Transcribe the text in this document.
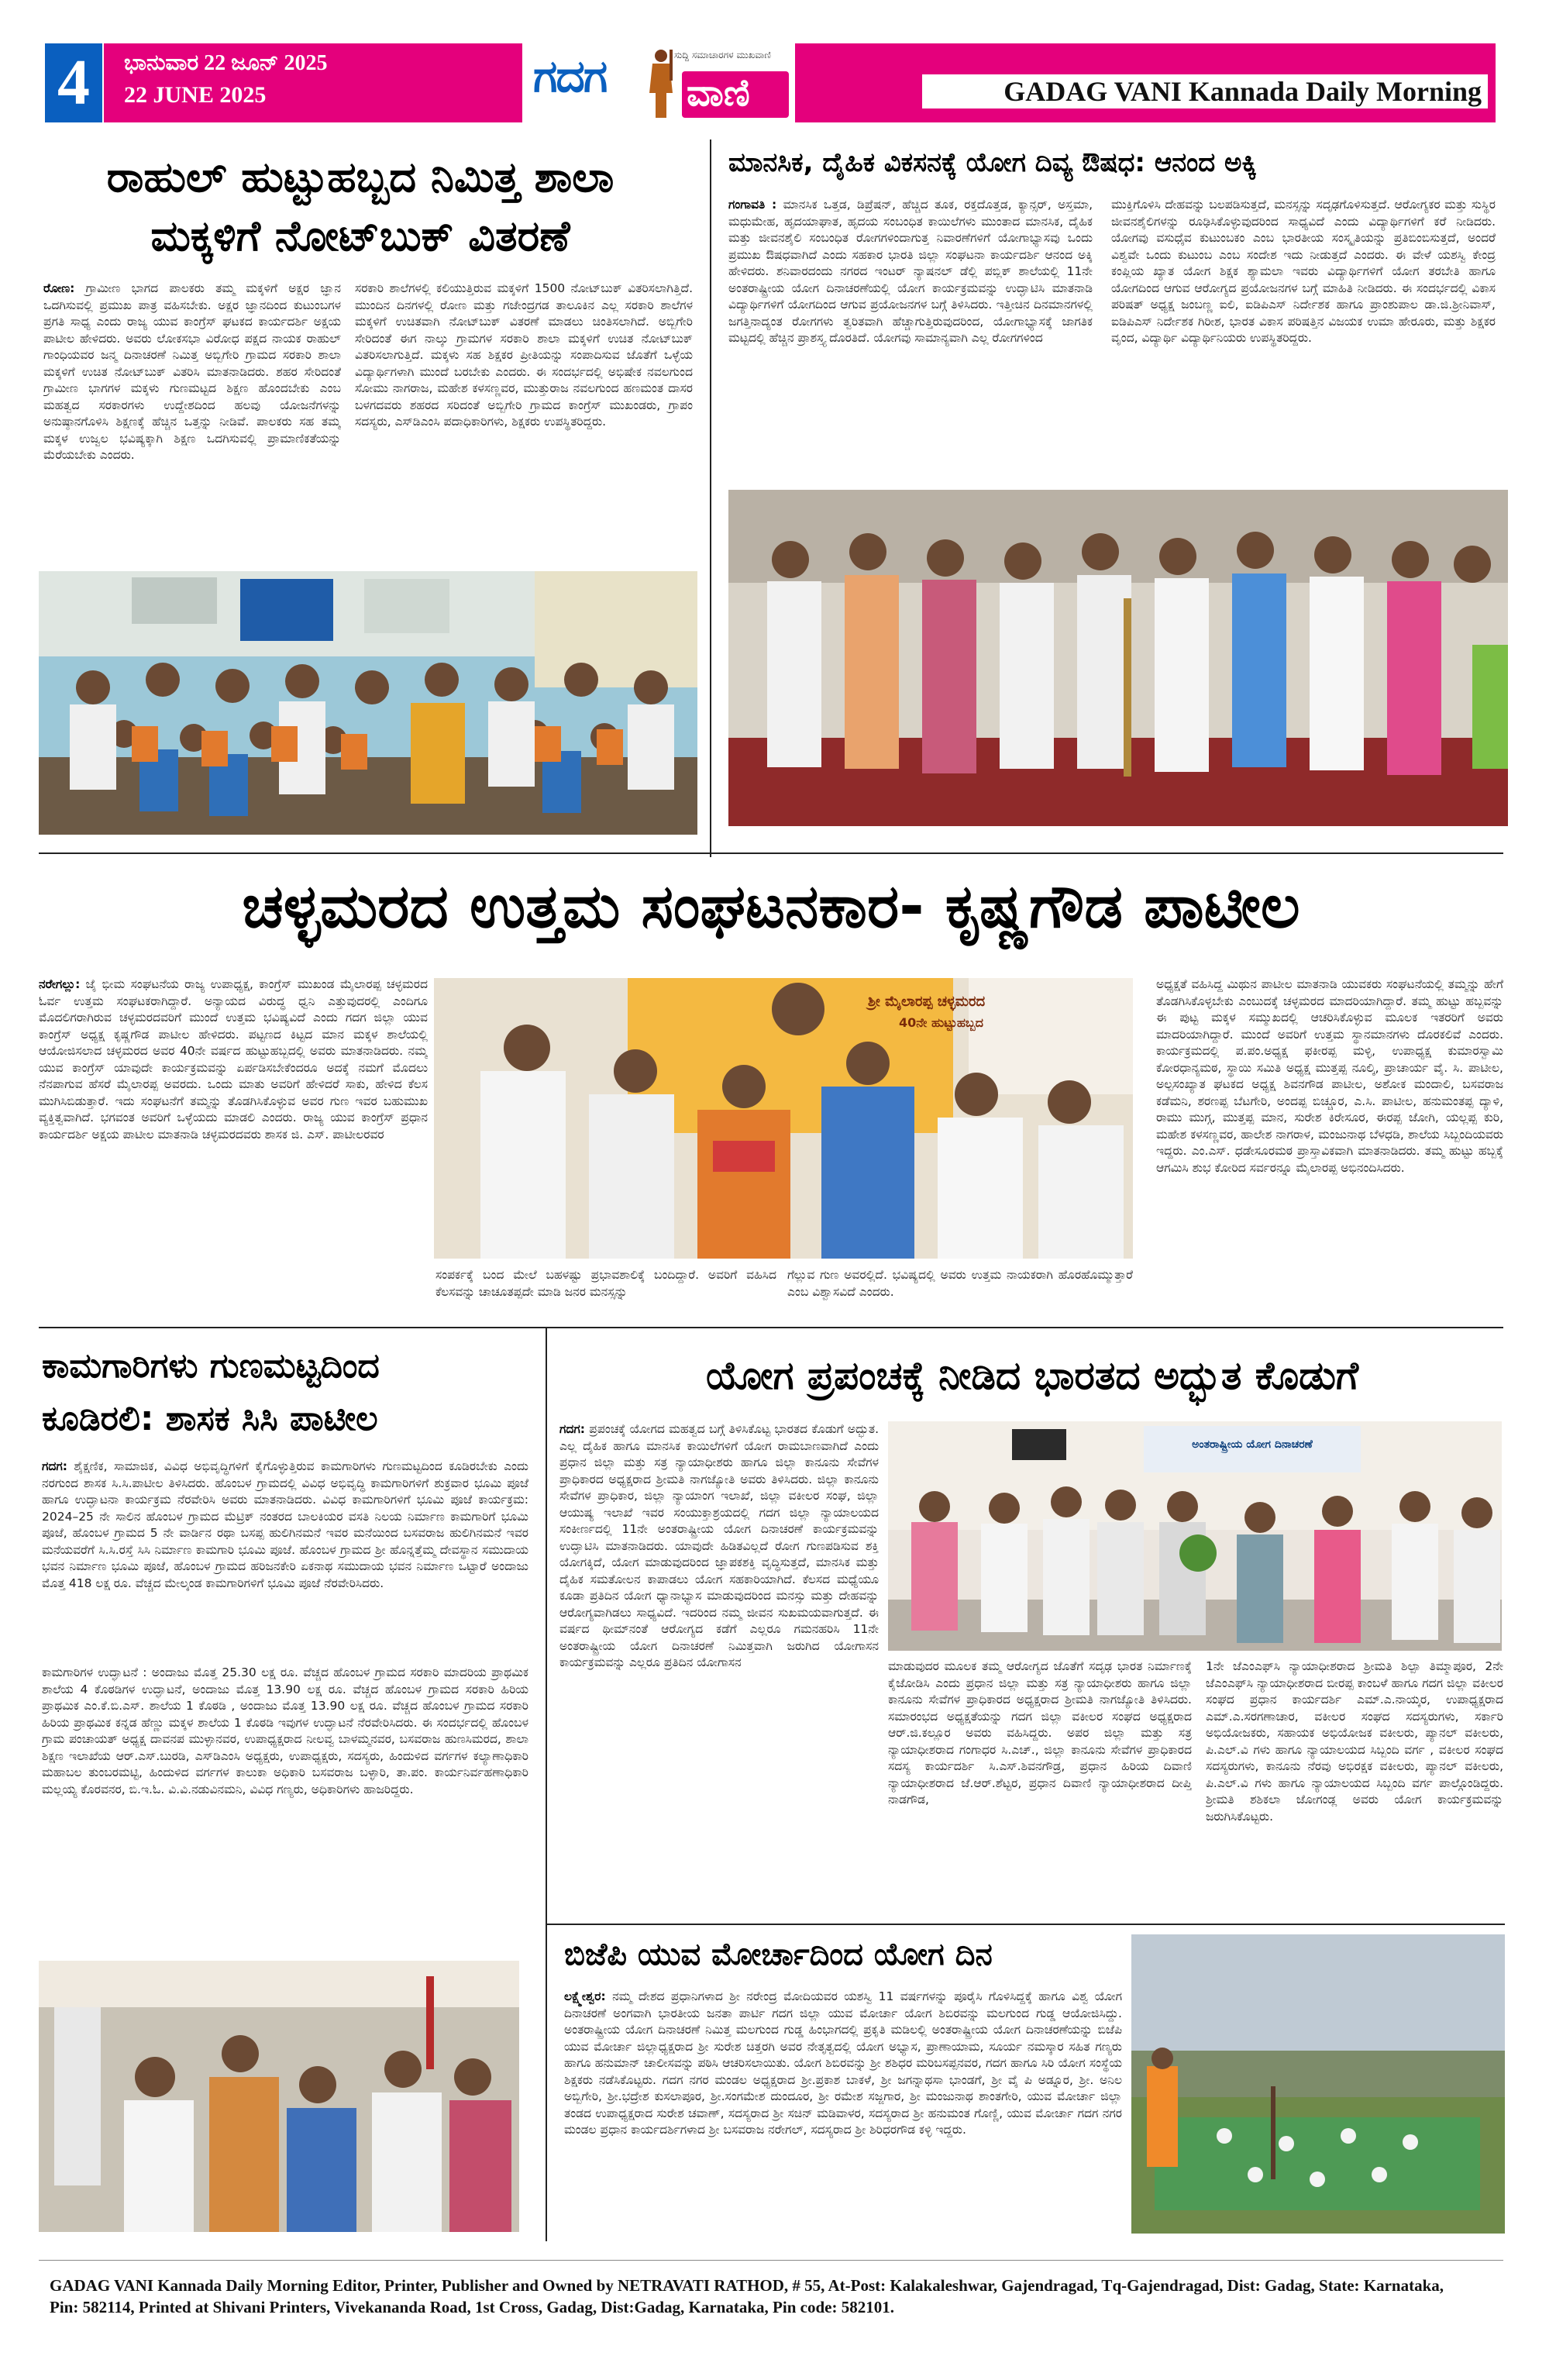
4	ಭಾನುವಾರ 22 ಜೂನ್ 2025
22 JUNE 2025	ಗದಗ	ಸುದ್ದಿ ಸಮಾಚಾರಗಳ ಮುಖವಾಣಿ
ವಾಣಿ	GADAG VANI Kannada Daily Morning
ರಾಹುಲ್ ಹುಟ್ಟುಹಬ್ಬದ ನಿಮಿತ್ತ ಶಾಲಾ
ಮಕ್ಕಳಿಗೆ ನೋಟ್‌ಬುಕ್ ವಿತರಣೆ
ರೋಣ: ಗ್ರಾಮೀಣ ಭಾಗದ ಪಾಲಕರು ತಮ್ಮ ಮಕ್ಕಳಿಗೆ ಅಕ್ಷರ ಜ್ಞಾನ ಒದಗಿಸುವಲ್ಲಿ ಪ್ರಮುಖ ಪಾತ್ರ ವಹಿಸಬೇಕು. ಅಕ್ಷರ ಜ್ಞಾನದಿಂದ ಕುಟುಂಬಗಳ ಪ್ರಗತಿ ಸಾಧ್ಯ ಎಂದು ರಾಜ್ಯ ಯುವ ಕಾಂಗ್ರೆಸ್ ಘಟಕದ ಕಾರ್ಯದರ್ಶಿ ಅಕ್ಷಯ ಪಾಟೀಲ ಹೇಳಿದರು. ಅವರು ಲೋಕಸಭಾ ವಿರೋಧ ಪಕ್ಷದ ನಾಯಕ ರಾಹುಲ್ ಗಾಂಧಿಯವರ ಜನ್ಮ ದಿನಾಚರಣೆ ನಿಮಿತ್ತ ಅಬ್ಬಿಗೇರಿ ಗ್ರಾಮದ ಸರಕಾರಿ ಶಾಲಾ ಮಕ್ಕಳಿಗೆ ಉಚಿತ ನೋಟ್‌ಬುಕ್ ವಿತರಿಸಿ ಮಾತನಾಡಿದರು. ಶಹರ ಸೇರಿದಂತೆ ಗ್ರಾಮೀಣ ಭಾಗಗಳ ಮಕ್ಕಳು ಗುಣಮಟ್ಟದ ಶಿಕ್ಷಣ ಹೊಂದಬೇಕು ಎಂಬ ಮಹತ್ವದ ಸರಕಾರಗಳು ಉದ್ದೇಶದಿಂದ ಹಲವು ಯೋಜನೆಗಳನ್ನು ಅನುಷ್ಠಾನಗೊಳಿಸಿ ಶಿಕ್ಷಣಕ್ಕೆ ಹೆಚ್ಚಿನ ಒತ್ತನ್ನು ನೀಡಿವೆ. ಪಾಲಕರು ಸಹ ತಮ್ಮ ಮಕ್ಕಳ ಉಜ್ವಲ ಭವಿಷ್ಯಕ್ಕಾಗಿ ಶಿಕ್ಷಣ ಒದಗಿಸುವಲ್ಲಿ ಪ್ರಾಮಾಣಿಕತೆಯನ್ನು ಮೆರೆಯಬೇಕು ಎಂದರು.
ಸರಕಾರಿ ಶಾಲೆಗಳಲ್ಲಿ ಕಲಿಯುತ್ತಿರುವ ಮಕ್ಕಳಿಗೆ 1500 ನೋಟ್‌ಬುಕ್ ವಿತರಿಸಲಾಗಿತ್ತಿದೆ. ಮುಂದಿನ ದಿನಗಳಲ್ಲಿ ರೋಣ ಮತ್ತು ಗಜೇಂದ್ರಗಡ ತಾಲೂಕಿನ ಎಲ್ಲ ಸರಕಾರಿ ಶಾಲೆಗಳ ಮಕ್ಕಳಿಗೆ ಉಚಿತವಾಗಿ ನೋಟ್‌ಬುಕ್ ವಿತರಣೆ ಮಾಡಲು ಚಿಂತಿಸಲಾಗಿದೆ. ಅಬ್ಬಿಗೇರಿ ಸೇರಿದಂತೆ ಈಗ ನಾಲ್ಕು ಗ್ರಾಮಗಳ ಸರಕಾರಿ ಶಾಲಾ ಮಕ್ಕಳಿಗೆ ಉಚಿತ ನೋಟ್‌ಬುಕ್ ವಿತರಿಸಲಾಗುತ್ತಿದೆ. ಮಕ್ಕಳು ಸಹ ಶಿಕ್ಷಕರ ಪ್ರೀತಿಯನ್ನು ಸಂಪಾದಿಸುವ ಜೊತೆಗೆ ಒಳ್ಳೆಯ ವಿದ್ಯಾರ್ಥಿಗಳಾಗಿ ಮುಂದೆ ಬರಬೇಕು ಎಂದರು. ಈ ಸಂದರ್ಭದಲ್ಲಿ ಅಭಿಷೇಕ ನವಲಗುಂದ ಸೋಮು ನಾಗರಾಜ, ಮಹೇಶ ಕಳಸಣ್ಣವರ, ಮುತ್ತುರಾಜ ನವಲಗುಂದ ಹಣಮಂತ ದಾಸರ ಬಳಗದವರು ಶಹರದ ಸರಿದಂತೆ ಅಬ್ಬಿಗೇರಿ ಗ್ರಾಮದ ಕಾಂಗ್ರೆಸ್ ಮುಖಂಡರು, ಗ್ರಾಪಂ ಸದಸ್ಯರು, ಎಸ್‌ಡಿಎಂಸಿ ಪದಾಧಿಕಾರಿಗಳು, ಶಿಕ್ಷಕರು ಉಪಸ್ಥಿತರಿದ್ದರು.
ಮಾನಸಿಕ, ದೈಹಿಕ ವಿಕಸನಕ್ಕೆ ಯೋಗ ದಿವ್ಯ ಔಷಧ: ಆನಂದ ಅಕ್ಕಿ
ಗಂಗಾವತಿ : ಮಾನಸಿಕ ಒತ್ತಡ, ಡಿಪ್ರೆಷನ್, ಹೆಚ್ಚಿದ ತೂಕ, ರಕ್ತದೊತ್ತಡ, ಕ್ಯಾನ್ಸರ್, ಅಸ್ತಮಾ, ಮಧುಮೇಹ, ಹೃದಯಾಘಾತ, ಹೃದಯ ಸಂಬಂಧಿತ ಕಾಯಿಲೆಗಳು ಮುಂತಾದ ಮಾನಸಿಕ, ದೈಹಿಕ ಮತ್ತು ಜೀವನಶೈಲಿ ಸಂಬಂಧಿತ ರೋಗಗಳಿಂದಾಗುತ್ತ ನಿವಾರಣೆಗಳಿಗೆ ಯೋಗಾಭ್ಯಾಸವು ಒಂದು ಪ್ರಮುಖ ಔಷಧವಾಗಿದೆ ಎಂದು ಸಹಕಾರ ಭಾರತಿ ಜಿಲ್ಲಾ ಸಂಘಟನಾ ಕಾರ್ಯದರ್ಶಿ ಆನಂದ ಅಕ್ಕಿ ಹೇಳಿದರು. ಶನಿವಾರದಂದು ನಗರದ ಇಂಟರ್ ನ್ಯಾಷನಲ್ ಡೆಲ್ಲಿ ಪಬ್ಲಿಕ್ ಶಾಲೆಯಲ್ಲಿ 11ನೇ ಅಂತರಾಷ್ಟ್ರೀಯ ಯೋಗ ದಿನಾಚರಣೆಯಲ್ಲಿ ಯೋಗ ಕಾರ್ಯಕ್ರಮವನ್ನು ಉದ್ಘಾಟಿಸಿ ಮಾತನಾಡಿ ವಿದ್ಯಾರ್ಥಿಗಳಿಗೆ ಯೋಗದಿಂದ ಆಗುವ ಪ್ರಯೋಜನಗಳ ಬಗ್ಗೆ ತಿಳಿಸಿದರು. ಇತ್ತೀಚಿನ ದಿನಮಾನಗಳಲ್ಲಿ ಜಗತ್ತಿನಾದ್ಯಂತ ರೋಗಗಳು ತ್ವರಿತವಾಗಿ ಹೆಚ್ಚಾಗುತ್ತಿರುವುದರಿಂದ, ಯೋಗಾಭ್ಯಾಸಕ್ಕೆ ಜಾಗತಿಕ ಮಟ್ಟದಲ್ಲಿ ಹೆಚ್ಚಿನ ಪ್ರಾಶಸ್ತ್ಯ ದೊರತಿದೆ. ಯೋಗವು ಸಾಮಾನ್ಯವಾಗಿ ಎಲ್ಲ ರೋಗಗಳಿಂದ
ಮುಕ್ತಿಗೊಳಿಸಿ ದೇಹವನ್ನು ಬಲಪಡಿಸುತ್ತದೆ, ಮನಸ್ಸನ್ನು ಸದೃಢಗೊಳಿಸುತ್ತದೆ. ಆರೋಗ್ಯಕರ ಮತ್ತು ಸುಸ್ಥಿರ ಜೀವನಶೈಲಿಗಳನ್ನು ರೂಢಿಸಿಕೊಳ್ಳುವುದರಿಂದ ಸಾಧ್ಯವಿದೆ ಎಂದು ವಿದ್ಯಾರ್ಥಿಗಳಿಗೆ ಕರೆ ನೀಡಿದರು. ಯೋಗವು ವಸುಧೈವ ಕುಟುಂಬಕಂ ಎಂಬ ಭಾರತೀಯ ಸಂಸ್ಕೃತಿಯನ್ನು ಪ್ರತಿಬಿಂಬಿಸುತ್ತದೆ, ಅಂದರೆ ವಿಶ್ವವೇ ಒಂದು ಕುಟುಂಬ ಎಂಬ ಸಂದೇಶ ಇದು ನೀಡುತ್ತದೆ ಎಂದರು. ಈ ವೇಳೆ ಯಶಸ್ವಿ ಕೇಂದ್ರ ಕಂಪ್ಲಿಯ ಖ್ಯಾತ ಯೋಗ ಶಿಕ್ಷಕ ಶ್ಯಾಮಲಾ ಇವರು ವಿದ್ಯಾರ್ಥಿಗಳಿಗೆ ಯೋಗ ತರಬೇತಿ ಹಾಗೂ ಯೋಗದಿಂದ ಆಗುವ ಆರೋಗ್ಯದ ಪ್ರಯೋಜನಗಳ ಬಗ್ಗೆ ಮಾಹಿತಿ ನೀಡಿದರು. ಈ ಸಂದರ್ಭದಲ್ಲಿ ವಿಕಾಸ ಪರಿಷತ್ ಅಧ್ಯಕ್ಷ ಜಂಬಣ್ಣ ಐಲಿ, ಐಡಿಪಿಎಸ್ ನಿರ್ದೇಶಕ ಹಾಗೂ ಪ್ರಾಂಶುಪಾಲ ಡಾ.ಜಿ.ಶ್ರೀನಿವಾಸ್, ಐಡಿಪಿಎಸ್ ನಿರ್ದೇಶಕ ಗಿರೀಶ, ಭಾರತ ವಿಕಾಸ ಪರಿಷತ್ತಿನ ವಿಜಯಕ ಉಮಾ ಹೇರೂರು, ಮತ್ತು ಶಿಕ್ಷಕರ ವೃಂದ, ವಿದ್ಯಾರ್ಥಿ ವಿದ್ಯಾರ್ಥಿನಿಯರು ಉಪಸ್ಥಿತರಿದ್ದರು.
ಚಳ್ಳಮರದ ಉತ್ತಮ ಸಂಘಟನಕಾರ- ಕೃಷ್ಣಗೌಡ ಪಾಟೀಲ
ನರೇಗಲ್ಲು: ಜೈ ಭೀಮ ಸಂಘಟನೆಯ ರಾಜ್ಯ ಉಪಾಧ್ಯಕ್ಷ, ಕಾಂಗ್ರೆಸ್ ಮುಖಂಡ ಮೈಲಾರಪ್ಪ ಚಳ್ಳಮರದ ಓರ್ವ ಉತ್ತಮ ಸಂಘಟಕರಾಗಿದ್ದಾರೆ. ಅನ್ಯಾಯದ ವಿರುದ್ಧ ಧ್ವನಿ ಎತ್ತುವುದರಲ್ಲಿ ಎಂದಿಗೂ ಮೊದಲಿಗರಾಗಿರುವ ಚಳ್ಳಮರದವರಿಗೆ ಮುಂದೆ ಉತ್ತಮ ಭವಿಷ್ಯವಿದೆ ಎಂದು ಗದಗ ಜಿಲ್ಲಾ ಯುವ ಕಾಂಗ್ರೆಸ್ ಅಧ್ಯಕ್ಷ ಕೃಷ್ಣಗೌಡ ಪಾಟೀಲ ಹೇಳಿದರು. ಪಟ್ಟಣದ ಕಿಟ್ಟದ ಮಾನ ಮಕ್ಕಳ ಶಾಲೆಯಲ್ಲಿ ಆಯೋಜಿಸಲಾದ ಚಳ್ಳಮರದ ಅವರ 40ನೇ ವರ್ಷದ ಹುಟ್ಟುಹಬ್ಬದಲ್ಲಿ ಅವರು ಮಾತನಾಡಿದರು. ನಮ್ಮ ಯುವ ಕಾಂಗ್ರೆಸ್ ಯಾವುದೇ ಕಾರ್ಯಕ್ರಮವನ್ನು ಏರ್ಪಡಿಸಬೇಕೆಂದರೂ ಅದಕ್ಕೆ ನಮಗೆ ಮೊದಲು ನೆನಪಾಗುವ ಹೆಸರೆ ಮೈಲಾರಪ್ಪ ಅವರದು. ಒಂದು ಮಾತು ಅವರಿಗೆ ಹೇಳಿದರೆ ಸಾಕು, ಹೇಳಿದ ಕೆಲಸ ಮುಗಿಸಿಬಿಡುತ್ತಾರೆ. ಇದು ಸಂಘಟನೆಗೆ ತಮ್ಮನ್ನು ತೊಡಗಿಸಿಕೊಳ್ಳುವ ಅವರ ಗುಣ ಇವರ ಬಹುಮುಖ ವ್ಯಕ್ತಿತ್ವವಾಗಿದೆ. ಭಗವಂತ ಅವರಿಗೆ ಒಳ್ಳೆಯದು ಮಾಡಲಿ ಎಂದರು. ರಾಜ್ಯ ಯುವ ಕಾಂಗ್ರೆಸ್ ಪ್ರಧಾನ ಕಾರ್ಯದರ್ಶಿ ಅಕ್ಷಯ ಪಾಟೀಲ ಮಾತನಾಡಿ ಚಳ್ಳಮರದವರು ಶಾಸಕ ಜಿ. ಎಸ್. ಪಾಟೀಲರವರ
ಶ್ರೀ ಮೈಲಾರಪ್ಪ ಚಳ್ಳಮರದ
40ನೇ ಹುಟ್ಟುಹಬ್ಬದ
ಸಂಪರ್ಕಕ್ಕೆ ಬಂದ ಮೇಲೆ ಬಹಳಷ್ಟು ಪ್ರಭಾವಶಾಲಿಕ್ಕೆ ಬಂದಿದ್ದಾರೆ. ಅವರಿಗೆ ವಹಿಸಿದ ಕೆಲಸವನ್ನು ಚಾಚೂತಪ್ಪದೇ ಮಾಡಿ ಜನರ ಮನಸ್ಸನ್ನು
ಗೆಲ್ಲುವ ಗುಣ ಅವರಲ್ಲಿದೆ. ಭವಿಷ್ಯದಲ್ಲಿ ಅವರು ಉತ್ತಮ ನಾಯಕರಾಗಿ ಹೊರಹೊಮ್ಮುತ್ತಾರೆ ಎಂಬ ವಿಶ್ವಾಸವಿದೆ ಎಂದರು.
ಅಧ್ಯಕ್ಷತೆ ವಹಿಸಿದ್ದ ಮಿಥುನ ಪಾಟೀಲ ಮಾತನಾಡಿ ಯುವಕರು ಸಂಘಟನೆಯಲ್ಲಿ ತಮ್ಮನ್ನು ಹೇಗೆ ತೊಡಗಿಸಿಕೊಳ್ಳಬೇಕು ಎಂಬುದಕ್ಕೆ ಚಳ್ಳಮರದ ಮಾದರಿಯಾಗಿದ್ದಾರೆ. ತಮ್ಮ ಹುಟ್ಟು ಹಬ್ಬವನ್ನು ಈ ಪುಟ್ಟ ಮಕ್ಕಳ ಸಮ್ಮುಖದಲ್ಲಿ ಆಚರಿಸಿಕೊಳ್ಳುವ ಮೂಲಕ ಇತರರಿಗೆ ಅವರು ಮಾದರಿಯಾಗಿದ್ದಾರೆ. ಮುಂದೆ ಅವರಿಗೆ ಉತ್ತಮ ಸ್ಥಾನಮಾನಗಳು ದೊರಕಲಿವೆ ಎಂದರು. ಕಾರ್ಯಕ್ರಮದಲ್ಲಿ ಪ.ಪಂ.ಅಧ್ಯಕ್ಷ ಫಕೀರಪ್ಪ ಮಳ್ಳಿ, ಉಪಾಧ್ಯಕ್ಷ ಕುಮಾರಸ್ವಾಮಿ ಕೋರಧಾನ್ಯಮಠ, ಸ್ಥಾಯಿ ಸಮಿತಿ ಅಧ್ಯಕ್ಷ ಮುತ್ತಪ್ಪ ನೂಲ್ಕಿ, ಪ್ರಾಚಾರ್ಯ ವೈ. ಸಿ. ಪಾಟೀಲ, ಅಲ್ಪಸಂಖ್ಯಾತ ಘಟಕದ ಅಧ್ಯಕ್ಷ ಶಿವನಗೌಡ ಪಾಟೀಲ, ಅಶೋಕ ಮಂದಾಲಿ, ಬಸವರಾಜ ಕಡೆಮನಿ, ಶರಣಪ್ಪ ಬೆಟಗೇರಿ, ಅಂದಪ್ಪ ಬಿಚ್ಚೂರ, ಎ.ಸಿ. ಪಾಟೀಲ, ಹನುಮಂತಪ್ಪ ದ್ಯಾಳಿ, ರಾಮು ಮುಗ್ಗ, ಮುತ್ತಪ್ಪ ಮಾನ, ಸುರೇಶ ಕಿರೇಸೂರ, ಈರಪ್ಪ ಜೋಗಿ, ಯಲ್ಲಪ್ಪ ಕುರಿ, ಮಹೇಶ ಕಳಸಣ್ಣವರ, ಹಾಲೇಶ ನಾಗರಾಳ, ಮಂಜುನಾಥ ಬೆಳಧಡಿ, ಶಾಲೆಯ ಸಿಬ್ಬಂದಿಯವರು ಇದ್ದರು. ಎಂ.ಎಸ್. ಧಡೇಸೂರಮಠ ಪ್ರಾಸ್ತಾವಿಕವಾಗಿ ಮಾತನಾಡಿದರು. ತಮ್ಮ ಹುಟ್ಟು ಹಬ್ಬಕ್ಕೆ ಆಗಮಿಸಿ ಶುಭ ಕೋರಿದ ಸರ್ವರನ್ನೂ ಮೈಲಾರಪ್ಪ ಅಭಿನಂದಿಸಿದರು.
ಕಾಮಗಾರಿಗಳು ಗುಣಮಟ್ಟದಿಂದ
ಕೂಡಿರಲಿ: ಶಾಸಕ ಸಿಸಿ ಪಾಟೀಲ
ಗದಗ: ಶೈಕ್ಷಣಿಕ, ಸಾಮಾಜಿಕ, ವಿವಿಧ ಅಭಿವೃದ್ಧಿಗಳಿಗೆ ಕೈಗೊಳ್ಳುತ್ತಿರುವ ಕಾಮಗಾರಿಗಳು ಗುಣಮಟ್ಟದಿಂದ ಕೂಡಿರಬೇಕು ಎಂದು ನರಗುಂದ ಶಾಸಕ ಸಿ.ಸಿ.ಪಾಟೀಲ ತಿಳಿಸಿದರು. ಹೊಂಬಳ ಗ್ರಾಮದಲ್ಲಿ ವಿವಿಧ ಅಭಿವೃದ್ಧಿ ಕಾಮಗಾರಿಗಳಿಗೆ ಶುಕ್ರವಾರ ಭೂಮಿ ಪೂಜೆ ಹಾಗೂ ಉದ್ಘಾಟನಾ ಕಾರ್ಯಕ್ರಮ ನೆರವೇರಿಸಿ ಅವರು ಮಾತನಾಡಿದರು. ವಿವಿಧ ಕಾಮಗಾರಿಗಳಿಗೆ ಭೂಮಿ ಪೂಜೆ ಕಾರ್ಯಕ್ರಮ: 2024–25 ನೇ ಸಾಲಿನ ಹೊಂಬಳ ಗ್ರಾಮದ ಮೆಟ್ರಿಕ್ ನಂತರದ ಬಾಲಕಿಯರ ವಸತಿ ನಿಲಯ ನಿರ್ಮಾಣ ಕಾಮಗಾರಿಗೆ ಭೂಮಿ ಪೂಜೆ, ಹೊಂಬಳ ಗ್ರಾಮದ 5 ನೇ ವಾರ್ಡಿನ ರಥಾ ಬಸಪ್ಪ ಹುಲಿಗಿನಮನೆ ಇವರ ಮನೆಯಿಂದ ಬಸವರಾಜ ಹುಲಿಗಿನಮನೆ ಇವರ ಮನೆಯವರೆಗೆ ಸಿ.ಸಿ.ರಸ್ತೆ ಸಿಸಿ ನಿರ್ಮಾಣ ಕಾಮಗಾರಿ ಭೂಮಿ ಪೂಜೆ. ಹೊಂಬಳ ಗ್ರಾಮದ ಶ್ರೀ ಹೊನ್ನತ್ತೆಮ್ಮ ದೇವಸ್ಥಾನ ಸಮುದಾಯ ಭವನ ನಿರ್ಮಾಣ ಭೂಮಿ ಪೂಜೆ, ಹೊಂಬಳ ಗ್ರಾಮದ ಹರಿಜನಕೇರಿ ಏಕನಾಥ ಸಮುದಾಯ ಭವನ ನಿರ್ಮಾಣ ಒಟ್ಟಾರೆ ಅಂದಾಜು ಮೊತ್ತ 418 ಲಕ್ಷ ರೂ. ವೆಚ್ಚದ ಮೇಲ್ಕಂಡ ಕಾಮಗಾರಿಗಳಿಗೆ ಭೂಮಿ ಪೂಜೆ ನೆರವೇರಿಸಿದರು.
ಕಾಮಗಾರಿಗಳ ಉದ್ಘಾಟನೆ : ಅಂದಾಜು ಮೊತ್ತ 25.30 ಲಕ್ಷ ರೂ. ವೆಚ್ಚದ ಹೊಂಬಳ ಗ್ರಾಮದ ಸರಕಾರಿ ಮಾದರಿಯ ಪ್ರಾಥಮಿಕ ಶಾಲೆಯ 4 ಕೊಠಡಿಗಳ ಉದ್ಘಾಟನೆ, ಅಂದಾಜು ಮೊತ್ತ 13.90 ಲಕ್ಷ ರೂ. ವೆಚ್ಚದ ಹೊಂಬಳ ಗ್ರಾಮದ ಸರಕಾರಿ ಹಿರಿಯ ಪ್ರಾಥಮಿಕ ಎಂ.ಕೆ.ಬಿ.ಎಸ್. ಶಾಲೆಯ 1 ಕೊಠಡಿ , ಅಂದಾಜು ಮೊತ್ತ 13.90 ಲಕ್ಷ ರೂ. ವೆಚ್ಚದ ಹೊಂಬಳ ಗ್ರಾಮದ ಸರಕಾರಿ ಹಿರಿಯ ಪ್ರಾಥಮಿಕ ಕನ್ನಡ ಹೆಣ್ಣು ಮಕ್ಕಳ ಶಾಲೆಯ 1 ಕೊಠಡಿ ಇವುಗಳ ಉದ್ಘಾಟನೆ ನೆರವೇರಿಸಿದರು. ಈ ಸಂದರ್ಭದಲ್ಲಿ ಹೊಂಬಳ ಗ್ರಾಮ ಪಂಚಾಯತ್ ಅಧ್ಯಕ್ಷ ದಾವನಪ ಮುಳ್ಳಾನವರ, ಉಪಾಧ್ಯಕ್ಷರಾದ ನೀಲವ್ವ ಬಾಳಮ್ಮನವರ, ಬಸವರಾಜ ಹುಣಸಿಮರದ, ಶಾಲಾ ಶಿಕ್ಷಣ ಇಲಾಖೆಯ ಆರ್.ಎಸ್.ಬುರಡಿ, ಎಸ್‌ಡಿಎಂಸಿ ಅಧ್ಯಕ್ಷರು, ಉಪಾಧ್ಯಕ್ಷರು, ಸದಸ್ಯರು, ಹಿಂದುಳಿದ ವರ್ಗಗಳ ಕಲ್ಯಾಣಾಧಿಕಾರಿ ಮಹಾಬಲ ತುಂಬರಮಟ್ಟಿ, ಹಿಂದುಳಿದ ವರ್ಗಗಳ ಕಾಲುಕಾ ಅಧಿಕಾರಿ ಬಸವರಾಜ ಬಳ್ಳಾರಿ, ತಾ.ಪಂ. ಕಾರ್ಯನಿರ್ವಹಣಾಧಿಕಾರಿ ಮಲ್ಲಯ್ಯ ಕೊರವನರ, ಬಿ.ಇ.ಓ. ವಿ.ವಿ.ನಡುವಿನಮನಿ, ವಿವಿಧ ಗಣ್ಯರು, ಅಧಿಕಾರಿಗಳು ಹಾಜರಿದ್ದರು.
ಯೋಗ ಪ್ರಪಂಚಕ್ಕೆ ನೀಡಿದ ಭಾರತದ ಅದ್ಭುತ ಕೊಡುಗೆ
ಗದಗ: ಪ್ರಪಂಚಕ್ಕೆ ಯೋಗದ ಮಹತ್ವದ ಬಗ್ಗೆ ತಿಳಿಸಿಕೊಟ್ಟ ಭಾರತದ ಕೊಡುಗೆ ಅದ್ಭುತ. ಎಲ್ಲ ದೈಹಿಕ ಹಾಗೂ ಮಾನಸಿಕ ಕಾಯಿಲೆಗಳಿಗೆ ಯೋಗ ರಾಮಬಾಣವಾಗಿದೆ ಎಂದು ಪ್ರಧಾನ ಜಿಲ್ಲಾ ಮತ್ತು ಸತ್ರ ನ್ಯಾಯಾಧೀಶರು ಹಾಗೂ ಜಿಲ್ಲಾ ಕಾನೂನು ಸೇವೆಗಳ ಪ್ರಾಧಿಕಾರದ ಅಧ್ಯಕ್ಷರಾದ ಶ್ರೀಮತಿ ನಾಗಜ್ಯೋತಿ ಅವರು ತಿಳಿಸಿದರು. ಜಿಲ್ಲಾ ಕಾನೂನು ಸೇವೆಗಳ ಪ್ರಾಧಿಕಾರ, ಜಿಲ್ಲಾ ನ್ಯಾಯಾಂಗ ಇಲಾಖೆ, ಜಿಲ್ಲಾ ವಕೀಲರ ಸಂಘ, ಜಿಲ್ಲಾ ಆಯುಷ್ಯ ಇಲಾಖೆ ಇವರ ಸಂಯುಕ್ತಾಶ್ರಯದಲ್ಲಿ ಗದಗ ಜಿಲ್ಲಾ ನ್ಯಾಯಾಲಯದ ಸಂಕೀರ್ಣದಲ್ಲಿ 11ನೇ ಅಂತರಾಷ್ಟ್ರೀಯ ಯೋಗ ದಿನಾಚರಣೆ ಕಾರ್ಯಕ್ರಮವನ್ನು ಉದ್ಘಾಟಿಸಿ ಮಾತನಾಡಿದರು. ಯಾವುದೇ ಹಿಡಿತವಿಲ್ಲದೆ ರೋಗ ಗುಣಪಡಿಸುವ ಶಕ್ತಿ ಯೋಗಕ್ಕಿದೆ, ಯೋಗ ಮಾಡುವುದರಿಂದ ಜ್ಞಾಪಕಶಕ್ತಿ ವೃದ್ಧಿಸುತ್ತದೆ, ಮಾನಸಿಕ ಮತ್ತು ದೈಹಿಕ ಸಮತೋಲನ ಕಾಪಾಡಲು ಯೋಗ ಸಹಕಾರಿಯಾಗಿದೆ. ಕೆಲಸದ ಮಧ್ಯೆಯೂ ಕೂಡಾ ಪ್ರತಿದಿನ ಯೋಗ ಧ್ಯಾನಾಭ್ಯಾಸ ಮಾಡುವುದರಿಂದ ಮನಸ್ಸು ಮತ್ತು ದೇಹವನ್ನು ಆರೋಗ್ಯವಾಗಿಡಲು ಸಾಧ್ಯವಿದೆ. ಇದರಿಂದ ನಮ್ಮ ಜೀವನ ಸುಖಮಯವಾಗುತ್ತದೆ. ಈ ವರ್ಷದ ಥೀಮ್‌ನಂತೆ ಆರೋಗ್ಯದ ಕಡೆಗೆ ಎಲ್ಲರೂ ಗಮನಹರಿಸಿ 11ನೇ ಅಂತರಾಷ್ಟ್ರೀಯ ಯೋಗ ದಿನಾಚರಣೆ ನಿಮಿತ್ತವಾಗಿ ಜರುಗಿದ ಯೋಗಾಸನ ಕಾರ್ಯಕ್ರಮವನ್ನು ಎಲ್ಲರೂ ಪ್ರತಿದಿನ ಯೋಗಾಸನ
ಅಂತರಾಷ್ಟ್ರೀಯ ಯೋಗ ದಿನಾಚರಣೆ
ಮಾಡುವುದರ ಮೂಲಕ ತಮ್ಮ ಆರೋಗ್ಯದ ಜೊತೆಗೆ ಸದೃಢ ಭಾರತ ನಿರ್ಮಾಣಕ್ಕೆ ಕೈಜೋಡಿಸಿ ಎಂದು ಪ್ರಧಾನ ಜಿಲ್ಲಾ ಮತ್ತು ಸತ್ರ ನ್ಯಾಯಾಧೀಶರು ಹಾಗೂ ಜಿಲ್ಲಾ ಕಾನೂನು ಸೇವೆಗಳ ಪ್ರಾಧಿಕಾರದ ಅಧ್ಯಕ್ಷರಾದ ಶ್ರೀಮತಿ ನಾಗಜ್ಯೋತಿ ತಿಳಿಸಿದರು. ಸಮಾರಂಭದ ಅಧ್ಯಕ್ಷತೆಯನ್ನು ಗದಗ ಜಿಲ್ಲಾ ವಕೀಲರ ಸಂಘದ ಅಧ್ಯಕ್ಷರಾದ ಆರ್.ಜಿ.ಕಲ್ಲೂರ ಅವರು ವಹಿಸಿದ್ದರು. ಅಪರ ಜಿಲ್ಲಾ ಮತ್ತು ಸತ್ರ ನ್ಯಾಯಾಧೀಶರಾದ ಗಂಗಾಧರ ಸಿ.ಎಚ್., ಜಿಲ್ಲಾ ಕಾನೂನು ಸೇವೆಗಳ ಪ್ರಾಧಿಕಾರದ ಸದಸ್ಯ ಕಾರ್ಯದರ್ಶಿ ಸಿ.ಎಸ್.ಶಿವನಗೌಡ್ರ, ಪ್ರಧಾನ ಹಿರಿಯ ದಿವಾಣಿ ನ್ಯಾಯಾಧೀಶರಾದ ಜೆ.ಆರ್.ಶೆಟ್ಟರ, ಪ್ರಧಾನ ದಿವಾಣಿ ನ್ಯಾಯಾಧೀಶರಾದ ದೀಪ್ತಿ ನಾಡಗೌಡ,
1ನೇ ಜೆಎಂಎಫ್‌ಸಿ ನ್ಯಾಯಾಧೀಶರಾದ ಶ್ರೀಮತಿ ಶಿಲ್ಪಾ ತಿಮ್ಮಾಪೂರ, 2ನೇ ಜೆಎಂಎಫ್‌ಸಿ ನ್ಯಾಯಾಧೀಶರಾದ ಬೀರಪ್ಪ ಕಾಂಬಳೆ ಹಾಗೂ ಗದಗ ಜಿಲ್ಲಾ ವಕೀಲರ ಸಂಘದ ಪ್ರಧಾನ ಕಾರ್ಯದರ್ಶಿ ಎಮ್.ಎ.ನಾಯ್ಕರ, ಉಪಾಧ್ಯಕ್ಷರಾದ ಎಮ್.ಎ.ಸರಗಣಾಚಾರ, ವಕೀಲರ ಸಂಘದ ಸದಸ್ಯರುಗಳು, ಸರ್ಕಾರಿ ಅಭಿಯೋಜಕರು, ಸಹಾಯಕ ಅಭಿಯೋಜಕ ವಕೀಲರು, ಪ್ಯಾನಲ್ ವಕೀಲರು, ಪಿ.ಎಲ್.ವಿ ಗಳು ಹಾಗೂ ನ್ಯಾಯಾಲಯದ ಸಿಬ್ಬಂದಿ ವರ್ಗ , ವಕೀಲರ ಸಂಘದ ಸದಸ್ಯರುಗಳು, ಕಾನೂನು ನೆರವು ಅಭಿರಕ್ಷಕ ವಕೀಲರು, ಪ್ಯಾನಲ್ ವಕೀಲರು, ಪಿ.ಎಲ್.ವಿ ಗಳು ಹಾಗೂ ನ್ಯಾಯಾಲಯದ ಸಿಬ್ಬಂದಿ ವರ್ಗ ಪಾಲ್ಗೊಂಡಿದ್ದರು. ಶ್ರೀಮತಿ ಶಶಿಕಲಾ ಜೋಗಂಡ್ಲ ಅವರು ಯೋಗ ಕಾರ್ಯಕ್ರಮವನ್ನು ಜರುಗಿಸಿಕೊಟ್ಟರು.
ಬಿಜೆಪಿ ಯುವ ಮೋರ್ಚಾದಿಂದ ಯೋಗ ದಿನ
ಲಕ್ಷ್ಮೇಶ್ವರ: ನಮ್ಮ ದೇಶದ ಪ್ರಧಾನಿಗಳಾದ ಶ್ರೀ ನರೇಂದ್ರ ಮೋದಿಯವರ ಯಶಸ್ವಿ 11 ವರ್ಷಗಳನ್ನು ಪೂರೈಸಿ ಗೊಳಿಸಿದ್ದಕ್ಕೆ ಹಾಗೂ ವಿಶ್ವ ಯೋಗ ದಿನಾಚರಣೆ ಅಂಗವಾಗಿ ಭಾರತೀಯ ಜನತಾ ಪಾರ್ಟಿ ಗದಗ ಜಿಲ್ಲಾ ಯುವ ಮೋರ್ಚಾ ಯೋಗ ಶಿಬಿರವನ್ನು ಮಲಗುಂದ ಗುಡ್ಡ ಆಯೋಜಿಸಿದ್ದು. ಅಂತರಾಷ್ಟ್ರೀಯ ಯೋಗ ದಿನಾಚರಣೆ ನಿಮಿತ್ತ ಮಲಗುಂದ ಗುಡ್ಡ ಹಿಂಭಾಗದಲ್ಲಿ ಪ್ರಕೃತಿ ಮಡಿಲಲ್ಲಿ ಅಂತರಾಷ್ಟ್ರೀಯ ಯೋಗ ದಿನಾಚರಣೆಯನ್ನು ಬಿಜೆಪಿ ಯುವ ಮೋರ್ಚಾ ಜಿಲ್ಲಾಧ್ಯಕ್ಷರಾದ ಶ್ರೀ ಸುರೇಶ ಚಿತ್ತರಗಿ ಅವರ ನೇತೃತ್ವದಲ್ಲಿ ಯೋಗ ಅಭ್ಯಾಸ, ಪ್ರಾಣಾಯಾಮ, ಸೂರ್ಯ ನಮಸ್ಕಾರ ಸಹಿತ ಗಣ್ಯರು ಹಾಗೂ ಹನುಮಾನ್ ಚಾಲೀಸವನ್ನು ಪಠಿಸಿ ಆಚರಿಸಲಾಯಿತು. ಯೋಗ ಶಿಬಿರವನ್ನು ಶ್ರೀ ಶಶಿಧರ ಮರಿಬಸಪ್ಪನವರ, ಗದಗ ಹಾಗೂ ಸಿರಿ ಯೋಗ ಸಂಸ್ಥೆಯ ಶಿಕ್ಷಕರು ನಡೆಸಿಕೊಟ್ಟರು. ಗದಗ ನಗರ ಮಂಡಲ ಅಧ್ಯಕ್ಷರಾದ ಶ್ರೀ.ಪ್ರಕಾಶ ಬಾಕಳೆ, ಶ್ರೀ ಜಗನ್ನಾಥಸಾ ಭಾಂಡಗೆ, ಶ್ರೀ ವೈ ಪಿ ಅಡ್ನೂರ, ಶ್ರೀ. ಅನಿಲ ಅಬ್ಬಿಗೇರಿ, ಶ್ರೀ.ಭದ್ರೇಶ ಕುಸಲಾಪೂರ, ಶ್ರೀ.ಸಂಗಮೇಶ ದುಂದೂರ, ಶ್ರೀ ರಮೇಶ ಸಜ್ಜಗಾರ, ಶ್ರೀ ಮಂಜುನಾಥ ಶಾಂತಗೇರಿ, ಯುವ ಮೋರ್ಚಾ ಜಿಲ್ಲಾ ತಂಡದ ಉಪಾಧ್ಯಕ್ಷರಾದ ಸುರೇಶ ಚವಾಣ್, ಸದಸ್ಯರಾದ ಶ್ರೀ ಸಚಿನ್ ಮಡಿವಾಳರ, ಸದಸ್ಯರಾದ ಶ್ರೀ ಹನುಮಂತ ಗೊಣ್ಣಿ, ಯುವ ಮೋರ್ಚಾ ಗದಗ ನಗರ ಮಂಡಲ ಪ್ರಧಾನ ಕಾರ್ಯದರ್ಶಿಗಳಾದ ಶ್ರೀ ಬಸವರಾಜ ನರೇಗಲ್, ಸದಸ್ಯರಾದ ಶ್ರೀ ಶಿರಿಧರಗೌಡ ಕಳ್ಳಿ ಇದ್ದರು.
GADAG VANI Kannada Daily Morning Editor, Printer, Publisher and Owned by NETRAVATI RATHOD, # 55, At-Post: Kalakaleshwar, Gajendragad, Tq-Gajendragad, Dist: Gadag, State: Karnataka,
Pin: 582114, Printed at Shivani Printers, Vivekananda Road, 1st Cross, Gadag, Dist:Gadag, Karnataka, Pin code: 582101.
